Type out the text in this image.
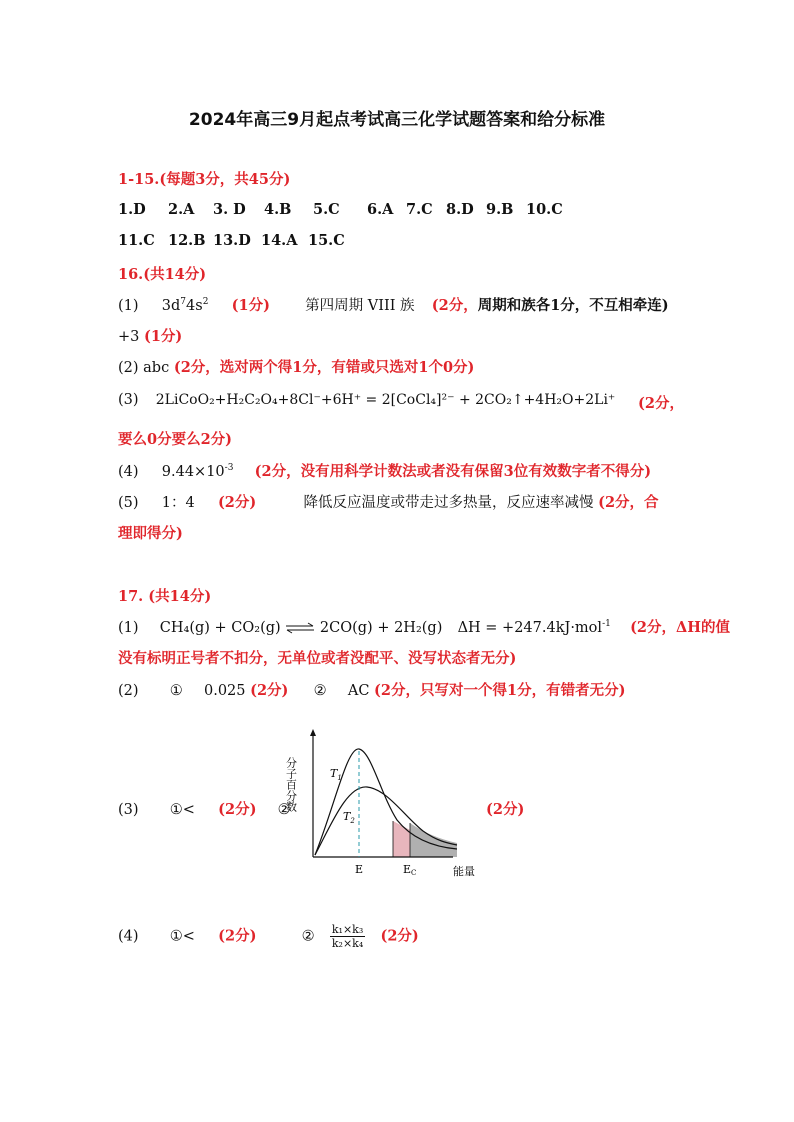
2024年高三9月起点考试高三化学试题答案和给分标准
1-15.(每题3分，共45分)
1.D 2.A 3. D 4.B 5.C 6.A 7.C 8.D 9.B 10.C
11.C 12.B 13.D 14.A 15.C
16.(共14分)
(1) $3d^74s^2$ (1分) 第四周期 VIII 族 (2分，周期和族各1分，不互相牵连)
+3 (1分)
(2) abc (2分，选对两个得1分，有错或只选对1个0分)
(3) 2LiCoO₂+H₂C₂O₄+8Cl⁻+6H⁺ = 2[CoCl₄]²⁻ + 2CO₂↑+4H₂O+2Li⁺ (2分，
要么0分要么2分)
(4) $9.44\times 10^{-3}$ (2分，没有用科学计数法或者没有保留3位有效数字者不得分)
(5) 1：4 (2分)	降低反应温度或带走过多热量，反应速率减慢 (2分，合
理即得分)
17. (共14分)
(1) CH₄(g) + CO₂(g) ⇌ 2CO(g) + 2H₂(g) ΔH = +247.4kJ·mol$^{-1}$ (2分，ΔH的值
没有标明正号者不扣分，无单位或者没配平、没写状态者无分)
(2) ① 0.025 (2分) ② AC (2分，只写对一个得1分，有错者无分)
(3) ①< (2分) ②	(2分)
$T_1$
$T_2$
E	EC	能量
分子百分数
(4) ①< (2分)	② $\frac{\text{k₁×k₃}}{\text{k₂×k₄}} (2$分)
